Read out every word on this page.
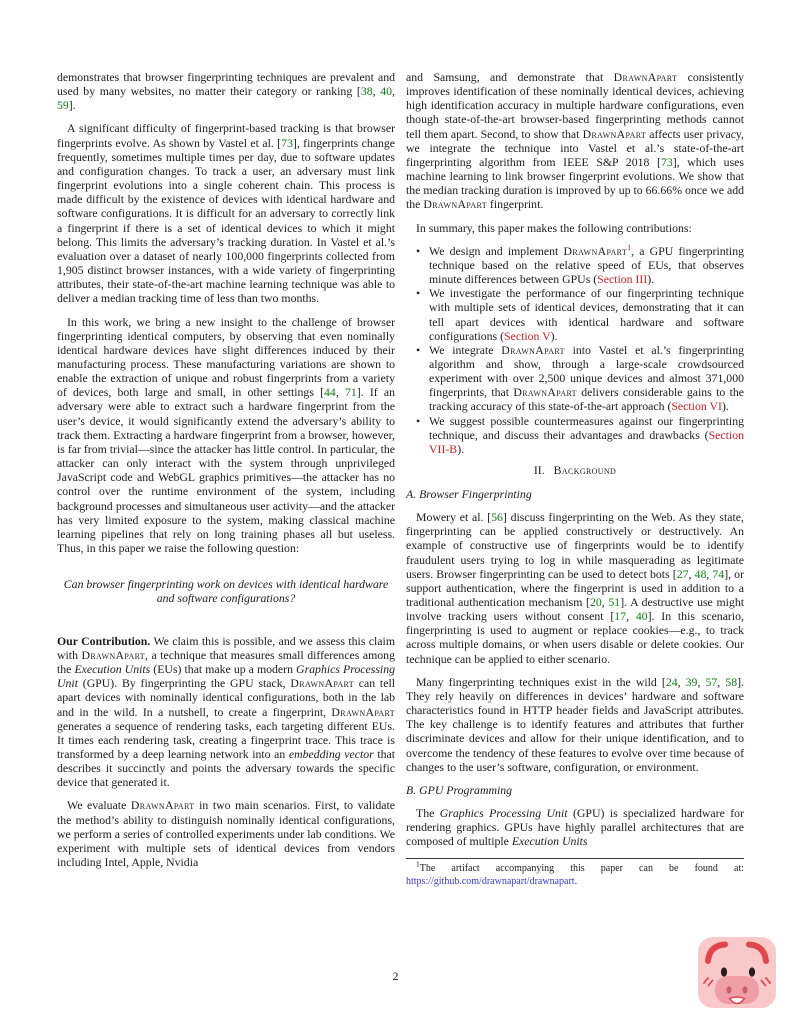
demonstrates that browser fingerprinting techniques are prevalent and used by many websites, no matter their category or ranking [38, 40, 59].

A significant difficulty of fingerprint-based tracking is that browser fingerprints evolve. As shown by Vastel et al. [73], fingerprints change frequently, sometimes multiple times per day, due to software updates and configuration changes. To track a user, an adversary must link fingerprint evolutions into a single coherent chain. This process is made difficult by the existence of devices with identical hardware and software configurations. It is difficult for an adversary to correctly link a fingerprint if there is a set of identical devices to which it might belong. This limits the adversary’s tracking duration. In Vastel et al.’s evaluation over a dataset of nearly 100,000 fingerprints collected from 1,905 distinct browser instances, with a wide variety of fingerprinting attributes, their state-of-the-art machine learning technique was able to deliver a median tracking time of less than two months.

In this work, we bring a new insight to the challenge of browser fingerprinting identical computers, by observing that even nominally identical hardware devices have slight differences induced by their manufacturing process. These manufacturing variations are shown to enable the extraction of unique and robust fingerprints from a variety of devices, both large and small, in other settings [44, 71]. If an adversary were able to extract such a hardware fingerprint from the user’s device, it would significantly extend the adversary’s ability to track them. Extracting a hardware fingerprint from a browser, however, is far from trivial—since the attacker has little control. In particular, the attacker can only interact with the system through unprivileged JavaScript code and WebGL graphics primitives—the attacker has no control over the runtime environment of the system, including background processes and simultaneous user activity—and the attacker has very limited exposure to the system, making classical machine learning pipelines that rely on long training phases all but useless. Thus, in this paper we raise the following question:

Can browser fingerprinting work on devices with identical hardware and software configurations?

Our Contribution. We claim this is possible, and we assess this claim with DrawnApart, a technique that measures small differences among the Execution Units (EUs) that make up a modern Graphics Processing Unit (GPU). By fingerprinting the GPU stack, DrawnApart can tell apart devices with nominally identical configurations, both in the lab and in the wild. In a nutshell, to create a fingerprint, DrawnApart generates a sequence of rendering tasks, each targeting different EUs. It times each rendering task, creating a fingerprint trace. This trace is transformed by a deep learning network into an embedding vector that describes it succinctly and points the adversary towards the specific device that generated it.

We evaluate DrawnApart in two main scenarios. First, to validate the method’s ability to distinguish nominally identical configurations, we perform a series of controlled experiments under lab conditions. We experiment with multiple sets of identical devices from vendors including Intel, Apple, Nvidia

and Samsung, and demonstrate that DrawnApart consistently improves identification of these nominally identical devices, achieving high identification accuracy in multiple hardware configurations, even though state-of-the-art browser-based fingerprinting methods cannot tell them apart. Second, to show that DrawnApart affects user privacy, we integrate the technique into Vastel et al.’s state-of-the-art fingerprinting algorithm from IEEE S&P 2018 [73], which uses machine learning to link browser fingerprint evolutions. We show that the median tracking duration is improved by up to 66.66% once we add the DrawnApart fingerprint.

In summary, this paper makes the following contributions:

• We design and implement DrawnApart$^1$, a GPU fingerprinting technique based on the relative speed of EUs, that observes minute differences between GPUs (Section III).
• We investigate the performance of our fingerprinting technique with multiple sets of identical devices, demonstrating that it can tell apart devices with identical hardware and software configurations (Section V).
• We integrate DrawnApart into Vastel et al.’s fingerprinting algorithm and show, through a large-scale crowdsourced experiment with over 2,500 unique devices and almost 371,000 fingerprints, that DrawnApart delivers considerable gains to the tracking accuracy of this state-of-the-art approach (Section VI).
• We suggest possible countermeasures against our fingerprinting technique, and discuss their advantages and drawbacks (Section VII-B).
II. Background
A. Browser Fingerprinting

Mowery et al. [56] discuss fingerprinting on the Web. As they state, fingerprinting can be applied constructively or destructively. An example of constructive use of fingerprints would be to identify fraudulent users trying to log in while masquerading as legitimate users. Browser fingerprinting can be used to detect bots [27, 48, 74], or support authentication, where the fingerprint is used in addition to a traditional authentication mechanism [20, 51]. A destructive use might involve tracking users without consent [17, 40]. In this scenario, fingerprinting is used to augment or replace cookies—e.g., to track across multiple domains, or when users disable or delete cookies. Our technique can be applied to either scenario.

Many fingerprinting techniques exist in the wild [24, 39, 57, 58]. They rely heavily on differences in devices’ hardware and software characteristics found in HTTP header fields and JavaScript attributes. The key challenge is to identify features and attributes that further discriminate devices and allow for their unique identification, and to overcome the tendency of these features to evolve over time because of changes to the user’s software, configuration, or environment.

B. GPU Programming

The Graphics Processing Unit (GPU) is specialized hardware for rendering graphics. GPUs have highly parallel architectures that are composed of multiple Execution Units

$^1$The artifact accompanying this paper can be found at: https://github.com/drawnapart/drawnapart.
2
